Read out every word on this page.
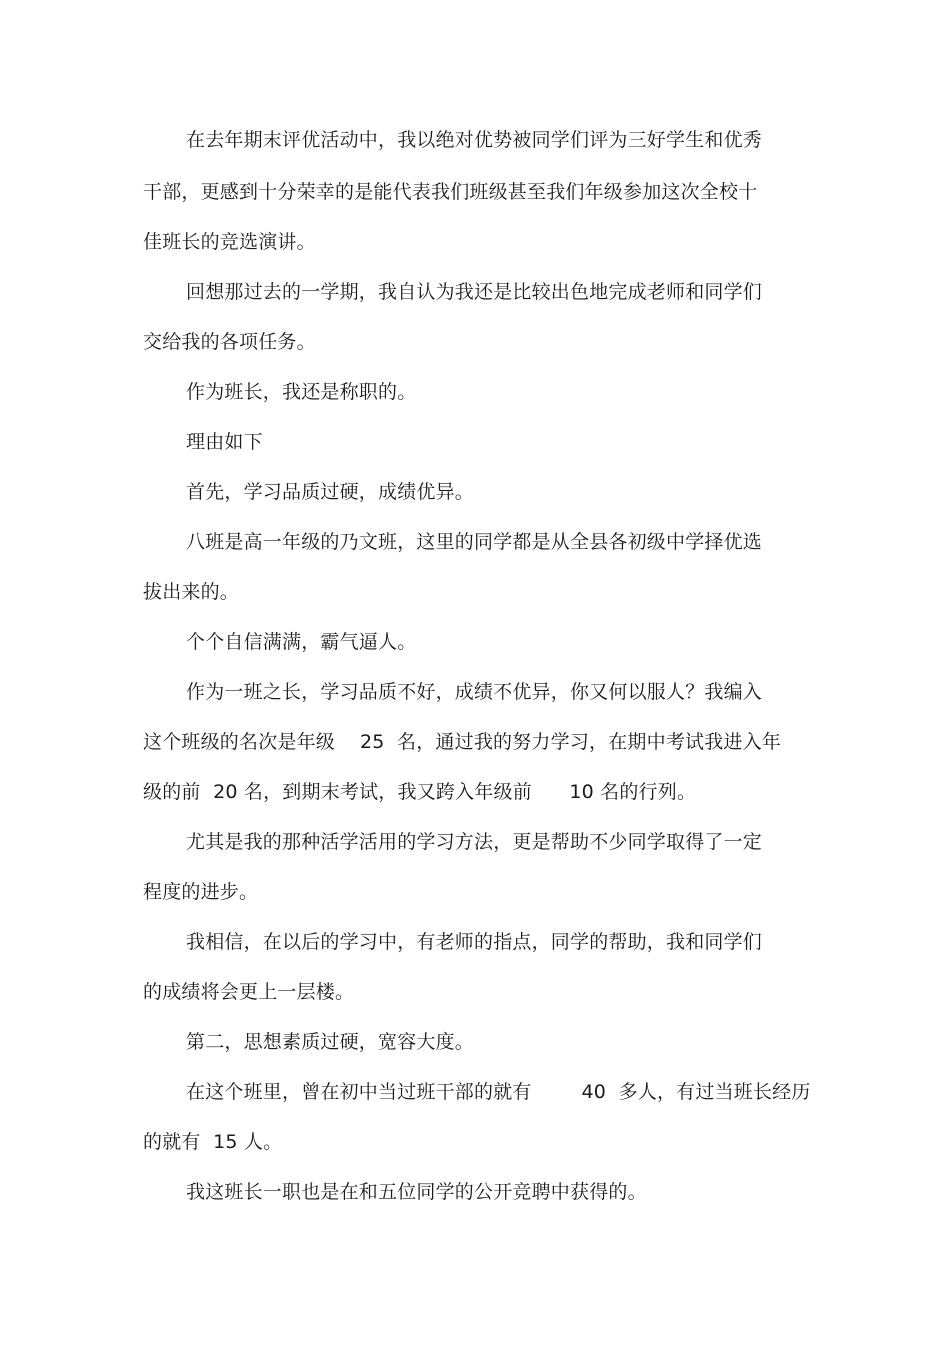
在去年期末评优活动中，我以绝对优势被同学们评为三好学生和优秀
干部，更感到十分荣幸的是能代表我们班级甚至我们年级参加这次全校十
佳班长的竞选演讲。
回想那过去的一学期，我自认为我还是比较出色地完成老师和同学们
交给我的各项任务。
作为班长，我还是称职的。
理由如下
首先，学习品质过硬，成绩优异。
八班是高一年级的乃文班，这里的同学都是从全县各初级中学择优选
拔出来的。
个个自信满满，霸气逼人。
作为一班之长，学习品质不好，成绩不优异，你又何以服人？我编入
这个班级的名次是年级    25  名，通过我的努力学习，在期中考试我进入年
级的前  20 名，到期末考试，我又跨入年级前      10 名的行列。
尤其是我的那种活学活用的学习方法，更是帮助不少同学取得了一定
程度的进步。
我相信，在以后的学习中，有老师的指点，同学的帮助，我和同学们
的成绩将会更上一层楼。
第二，思想素质过硬，宽容大度。
在这个班里，曾在初中当过班干部的就有        40  多人，有过当班长经历
的就有  15 人。
我这班长一职也是在和五位同学的公开竞聘中获得的。
